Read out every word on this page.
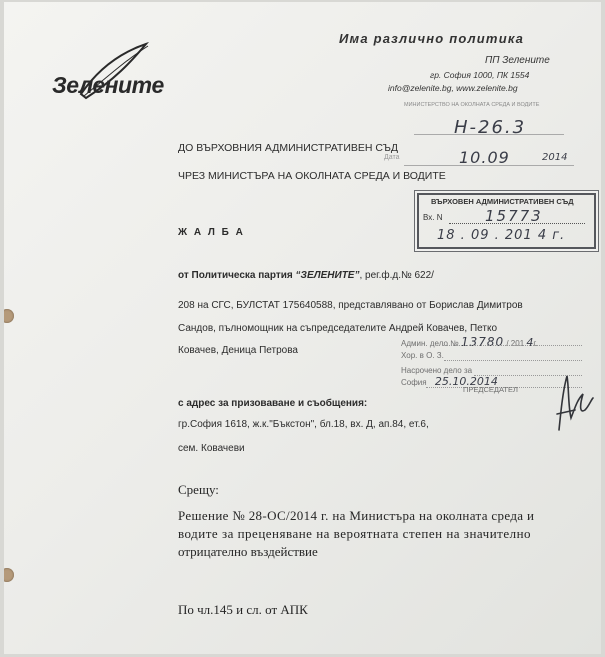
Зеленитe
Имa различно политикa
ПП Зелените
гр. София 1000, ПК 1554
info@zelenite.bg, www.zelenite.bg
МИНИСТЕРСТВО НА ОКОЛНАТА СРЕДА И ВОДИТЕ
Н-26.3
Дата	10.09	2014
ДО ВЪРХОВНИЯ АДМИНИСТРАТИВЕН СЪД
ЧРЕЗ МИНИСТЪРА НА ОКОЛНАТА СРЕДА И ВОДИТЕ
ВЪРХОВЕН АДМИНИСТРАТИВЕН СЪД
Вх. N	15773
18 . 09 . 201 4 г.
Ж А Л Б А
от Политическа партия “ЗЕЛЕНИТЕ”, рег.ф.д.№ 622/
208 на СГС, БУЛСТАТ 175640588, представлявано от Борислав Димитров
Сандов, пълномощник на съпредседателите Андрей Ковачев, Петко
Ковачев, Деница Петрова
Админ. дело № 13780 / 201 4г.
Хор. в О. З.
Насрочено дело за
София 25.10.2014
ПРЕДСЕДАТЕЛ
с адрес за призоваване и съобщения:
гр.София 1618, ж.к."Бъкстон", бл.18, вх. Д, ап.84, ет.6,
сем. Ковачеви
Срещу:
Решение № 28-ОС/2014 г. на Министъра на околната среда и
водите за преценяване на вероятната степен на значително
отрицателно въздействие
По чл.145 и сл. от АПК
